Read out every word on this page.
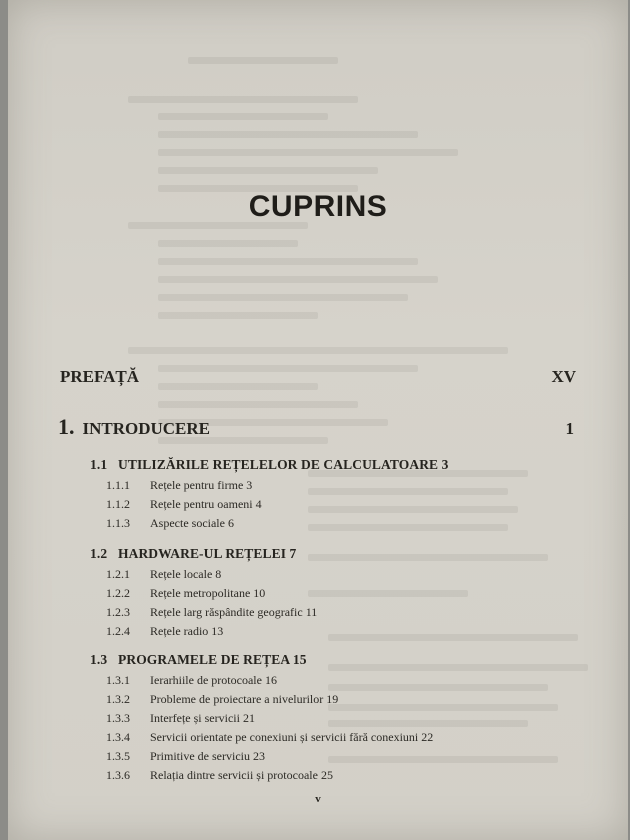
CUPRINS
PREFAȚĂ	XV
1. INTRODUCERE	1
1.1 UTILIZĂRILE REȚELELOR DE CALCULATOARE 3
1.1.1 Rețele pentru firme 3
1.1.2 Rețele pentru oameni 4
1.1.3 Aspecte sociale 6
1.2 HARDWARE-UL REȚELEI 7
1.2.1 Rețele locale 8
1.2.2 Rețele metropolitane 10
1.2.3 Rețele larg răspândite geografic 11
1.2.4 Rețele radio 13
1.3 PROGRAMELE DE REȚEA 15
1.3.1 Ierarhiile de protocoale 16
1.3.2 Probleme de proiectare a nivelurilor 19
1.3.3 Interfețe și servicii 21
1.3.4 Servicii orientate pe conexiuni și servicii fără conexiuni 22
1.3.5 Primitive de serviciu 23
1.3.6 Relația dintre servicii și protocoale 25
v
